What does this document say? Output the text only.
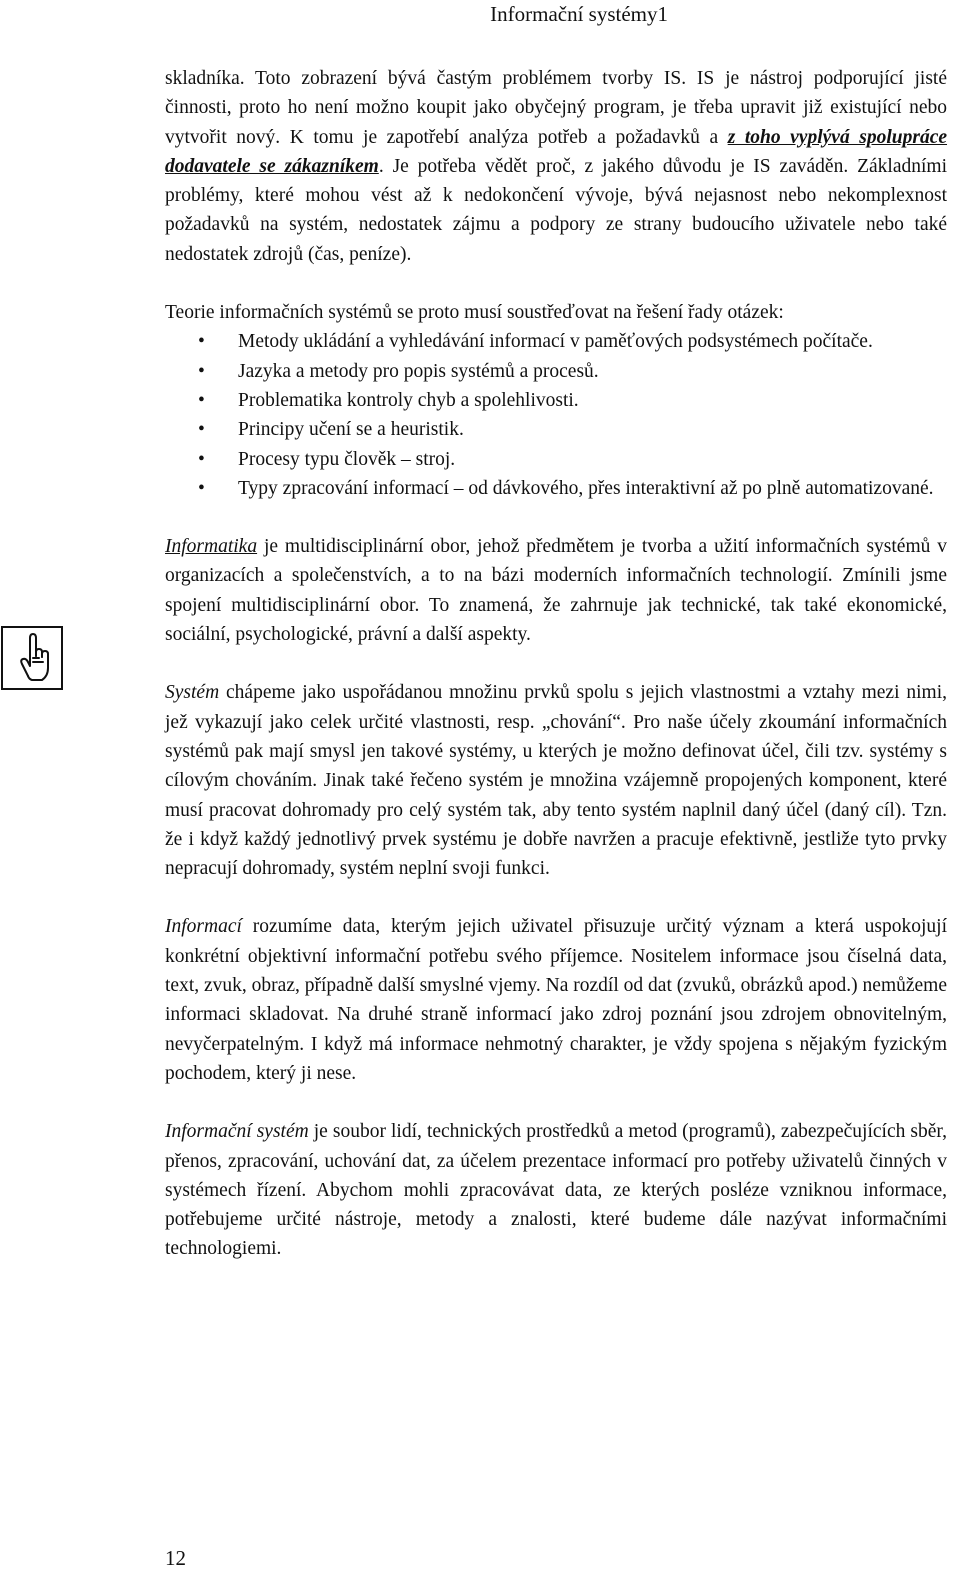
Informační systémy1

skladníka. Toto zobrazení bývá častým problémem tvorby IS. IS je nástroj podporující jisté činnosti, proto ho není možno koupit jako obyčejný program, je třeba upravit již existující nebo vytvořit nový. K tomu je zapotřebí analýza potřeb a požadavků a z toho vyplývá spolupráce dodavatele se zákazníkem. Je potřeba vědět proč, z jakého důvodu je IS zaváděn. Základními problémy, které mohou vést až k nedokončení vývoje, bývá nejasnost nebo nekomplexnost požadavků na systém, nedostatek zájmu a podpory ze strany budoucího uživatele nebo také nedostatek zdrojů (čas, peníze).

Teorie informačních systémů se proto musí soustřeďovat na řešení řady otázek:

• Metody ukládání a vyhledávání informací v paměťových podsystémech počítače.
• Jazyka a metody pro popis systémů a procesů.
• Problematika kontroly chyb a spolehlivosti.
• Principy učení se a heuristik.
• Procesy typu člověk – stroj.
• Typy zpracování informací – od dávkového, přes interaktivní až po plně automatizované.

Informatika je multidisciplinární obor, jehož předmětem je tvorba a užití informačních systémů v organizacích a společenstvích, a to na bázi moderních informačních technologií. Zmínili jsme spojení multidisciplinární obor. To znamená, že zahrnuje jak technické, tak také ekonomické, sociální, psychologické, právní a další aspekty.

Systém chápeme jako uspořádanou množinu prvků spolu s jejich vlastnostmi a vztahy mezi nimi, jež vykazují jako celek určité vlastnosti, resp. „chování“. Pro naše účely zkoumání informačních systémů pak mají smysl jen takové systémy, u kterých je možno definovat účel, čili tzv. systémy s cílovým chováním. Jinak také řečeno systém je množina vzájemně propojených komponent, které musí pracovat dohromady pro celý systém tak, aby tento systém naplnil daný účel (daný cíl). Tzn. že i když každý jednotlivý prvek systému je dobře navržen a pracuje efektivně, jestliže tyto prvky nepracují dohromady, systém neplní svoji funkci.

Informací rozumíme data, kterým jejich uživatel přisuzuje určitý význam a která uspokojují konkrétní objektivní informační potřebu svého příjemce. Nositelem informace jsou číselná data, text, zvuk, obraz, případně další smyslné vjemy. Na rozdíl od dat (zvuků, obrázků apod.) nemůžeme informaci skladovat. Na druhé straně informací jako zdroj poznání jsou zdrojem obnovitelným, nevyčerpatelným. I když má informace nehmotný charakter, je vždy spojena s nějakým fyzickým pochodem, který ji nese.

Informační systém je soubor lidí, technických prostředků a metod (programů), zabezpečujících sběr, přenos, zpracování, uchování dat, za účelem prezentace informací pro potřeby uživatelů činných v systémech řízení. Abychom mohli zpracovávat data, ze kterých posléze vzniknou informace, potřebujeme určité nástroje, metody a znalosti, které budeme dále nazývat informačními technologiemi.

12
